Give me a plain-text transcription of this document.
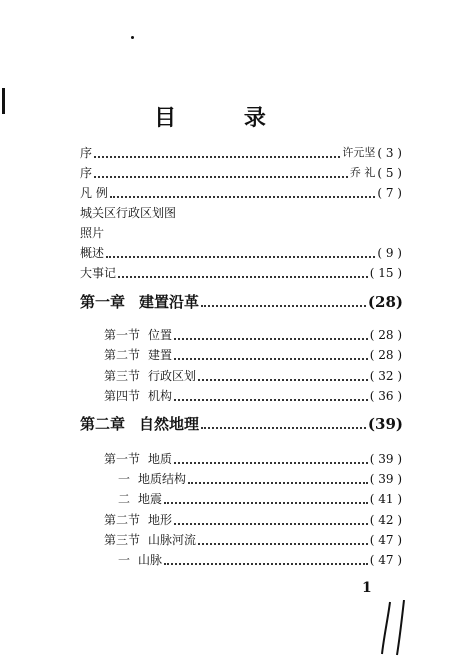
目 录
序	许元坚 ( 3 )
序	乔 礼 ( 5 )
凡 例	( 7 )
城关区行政区划图
照片
概述	( 9 )
大事记	( 15 )
第一章 建置沿革	(28)
第一节 位置	( 28 )
第二节 建置	( 28 )
第三节 行政区划	( 32 )
第四节 机构	( 36 )
第二章 自然地理	(39)
第一节 地质	( 39 )
一 地质结构	( 39 )
二 地震	( 41 )
第二节 地形	( 42 )
第三节 山脉河流	( 47 )
一 山脉	( 47 )
1
